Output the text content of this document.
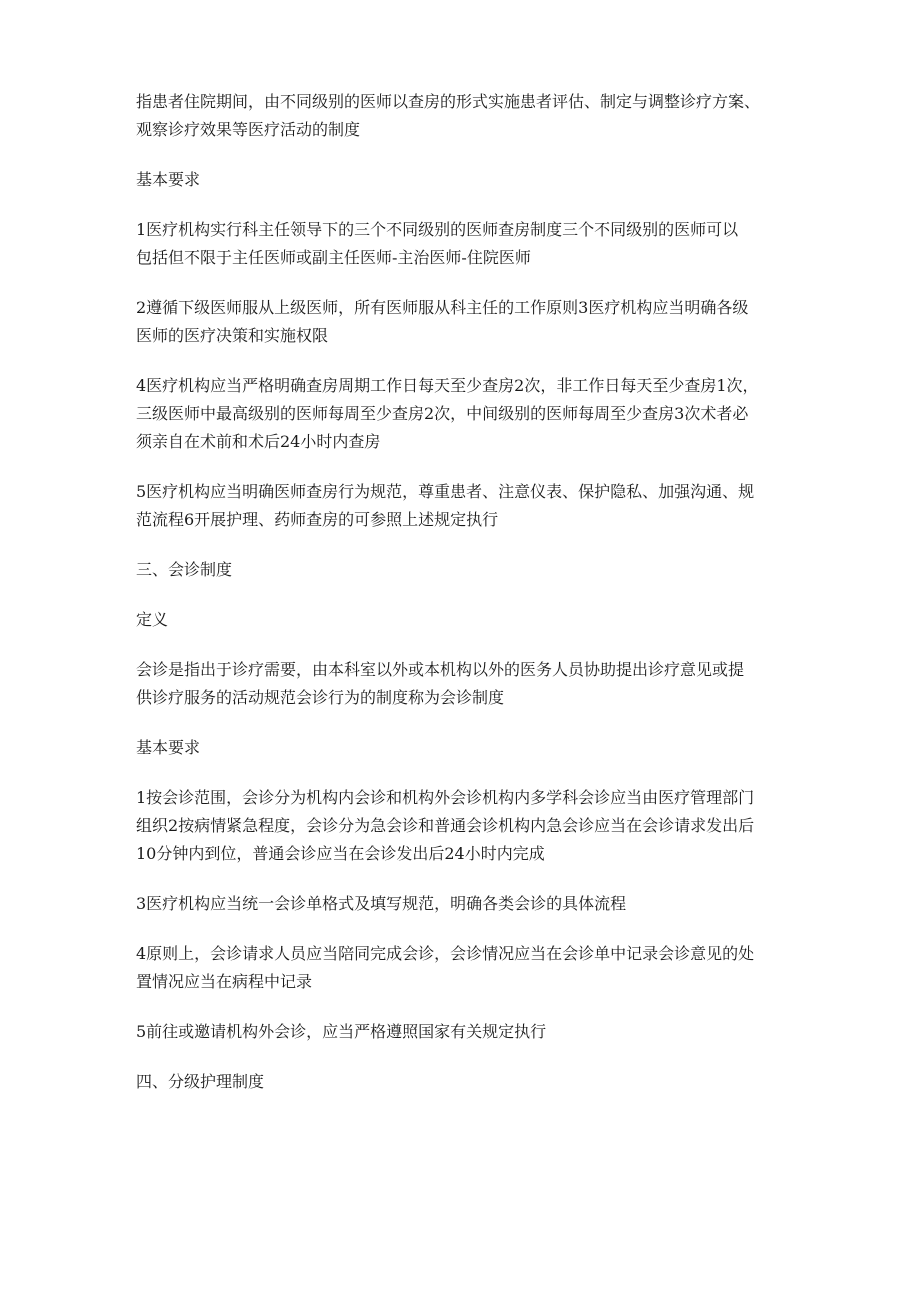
指患者住院期间，由不同级别的医师以查房的形式实施患者评估、制定与调整诊疗方案、
观察诊疗效果等医疗活动的制度
基本要求
1医疗机构实行科主任领导下的三个不同级别的医师查房制度三个不同级别的医师可以
包括但不限于主任医师或副主任医师-主治医师-住院医师
2遵循下级医师服从上级医师，所有医师服从科主任的工作原则3医疗机构应当明确各级
医师的医疗决策和实施权限
4医疗机构应当严格明确查房周期工作日每天至少查房2次，非工作日每天至少查房1次，
三级医师中最高级别的医师每周至少查房2次，中间级别的医师每周至少查房3次术者必
须亲自在术前和术后24小时内查房
5医疗机构应当明确医师查房行为规范，尊重患者、注意仪表、保护隐私、加强沟通、规
范流程6开展护理、药师查房的可参照上述规定执行
三、会诊制度
定义
会诊是指出于诊疗需要，由本科室以外或本机构以外的医务人员协助提出诊疗意见或提
供诊疗服务的活动规范会诊行为的制度称为会诊制度
基本要求
1按会诊范围，会诊分为机构内会诊和机构外会诊机构内多学科会诊应当由医疗管理部门
组织2按病情紧急程度，会诊分为急会诊和普通会诊机构内急会诊应当在会诊请求发出后
10分钟内到位，普通会诊应当在会诊发出后24小时内完成
3医疗机构应当统一会诊单格式及填写规范，明确各类会诊的具体流程
4原则上，会诊请求人员应当陪同完成会诊，会诊情况应当在会诊单中记录会诊意见的处
置情况应当在病程中记录
5前往或邀请机构外会诊，应当严格遵照国家有关规定执行
四、分级护理制度
